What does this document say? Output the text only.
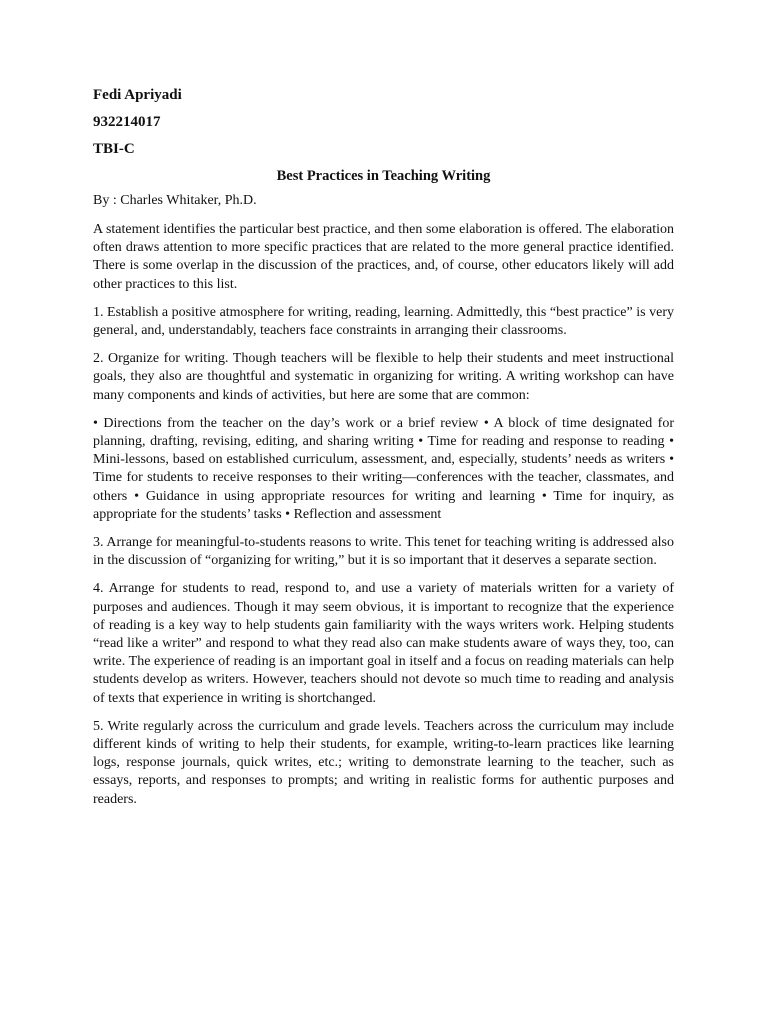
Fedi Apriyadi
932214017
TBI-C
Best Practices in Teaching Writing
By : Charles Whitaker, Ph.D.

A statement identifies the particular best practice, and then some elaboration is offered. The elaboration often draws attention to more specific practices that are related to the more general practice identified. There is some overlap in the discussion of the practices, and, of course, other educators likely will add other practices to this list.

1. Establish a positive atmosphere for writing, reading, learning. Admittedly, this “best practice” is very general, and, understandably, teachers face constraints in arranging their classrooms.

2. Organize for writing. Though teachers will be flexible to help their students and meet instructional goals, they also are thoughtful and systematic in organizing for writing. A writing workshop can have many components and kinds of activities, but here are some that are common:

• Directions from the teacher on the day’s work or a brief review • A block of time designated for planning, drafting, revising, editing, and sharing writing • Time for reading and response to reading • Mini-lessons, based on established curriculum, assessment, and, especially, students’ needs as writers • Time for students to receive responses to their writing—conferences with the teacher, classmates, and others • Guidance in using appropriate resources for writing and learning • Time for inquiry, as appropriate for the students’ tasks • Reflection and assessment

3. Arrange for meaningful-to-students reasons to write. This tenet for teaching writing is addressed also in the discussion of “organizing for writing,” but it is so important that it deserves a separate section.

4. Arrange for students to read, respond to, and use a variety of materials written for a variety of purposes and audiences. Though it may seem obvious, it is important to recognize that the experience of reading is a key way to help students gain familiarity with the ways writers work. Helping students “read like a writer” and respond to what they read also can make students aware of ways they, too, can write. The experience of reading is an important goal in itself and a focus on reading materials can help students develop as writers. However, teachers should not devote so much time to reading and analysis of texts that experience in writing is shortchanged.

5. Write regularly across the curriculum and grade levels. Teachers across the curriculum may include different kinds of writing to help their students, for example, writing-to-learn practices like learning logs, response journals, quick writes, etc.; writing to demonstrate learning to the teacher, such as essays, reports, and responses to prompts; and writing in realistic forms for authentic purposes and readers.
